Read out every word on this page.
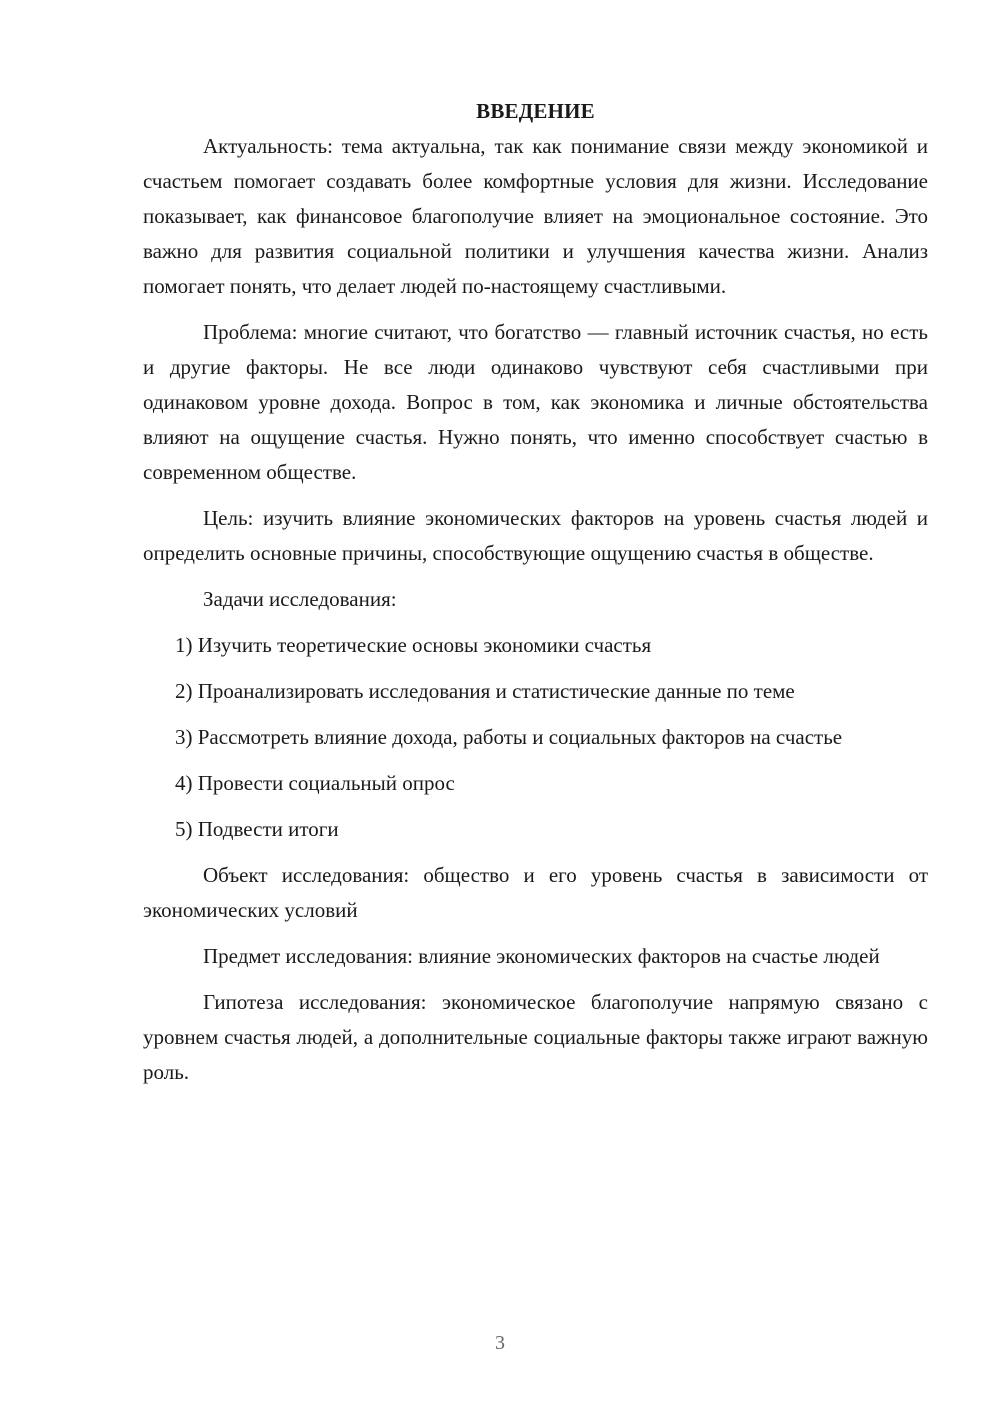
ВВЕДЕНИЕ

Актуальность: тема актуальна, так как понимание связи между экономикой и счастьем помогает создавать более комфортные условия для жизни. Исследование показывает, как финансовое благополучие влияет на эмоциональное состояние. Это важно для развития социальной политики и улучшения качества жизни. Анализ помогает понять, что делает людей по-настоящему счастливыми.

Проблема: многие считают, что богатство — главный источник счастья, но есть и другие факторы. Не все люди одинаково чувствуют себя счастливыми при одинаковом уровне дохода. Вопрос в том, как экономика и личные обстоятельства влияют на ощущение счастья. Нужно понять, что именно способствует счастью в современном обществе.

Цель: изучить влияние экономических факторов на уровень счастья людей и определить основные причины, способствующие ощущению счастья в обществе.

Задачи исследования:

1) Изучить теоретические основы экономики счастья

2) Проанализировать исследования и статистические данные по теме

3) Рассмотреть влияние дохода, работы и социальных факторов на счастье

4) Провести социальный опрос

5) Подвести итоги

Объект исследования: общество и его уровень счастья в зависимости от экономических условий

Предмет исследования: влияние экономических факторов на счастье людей

Гипотеза исследования: экономическое благополучие напрямую связано с уровнем счастья людей, а дополнительные социальные факторы также играют важную роль.

3
